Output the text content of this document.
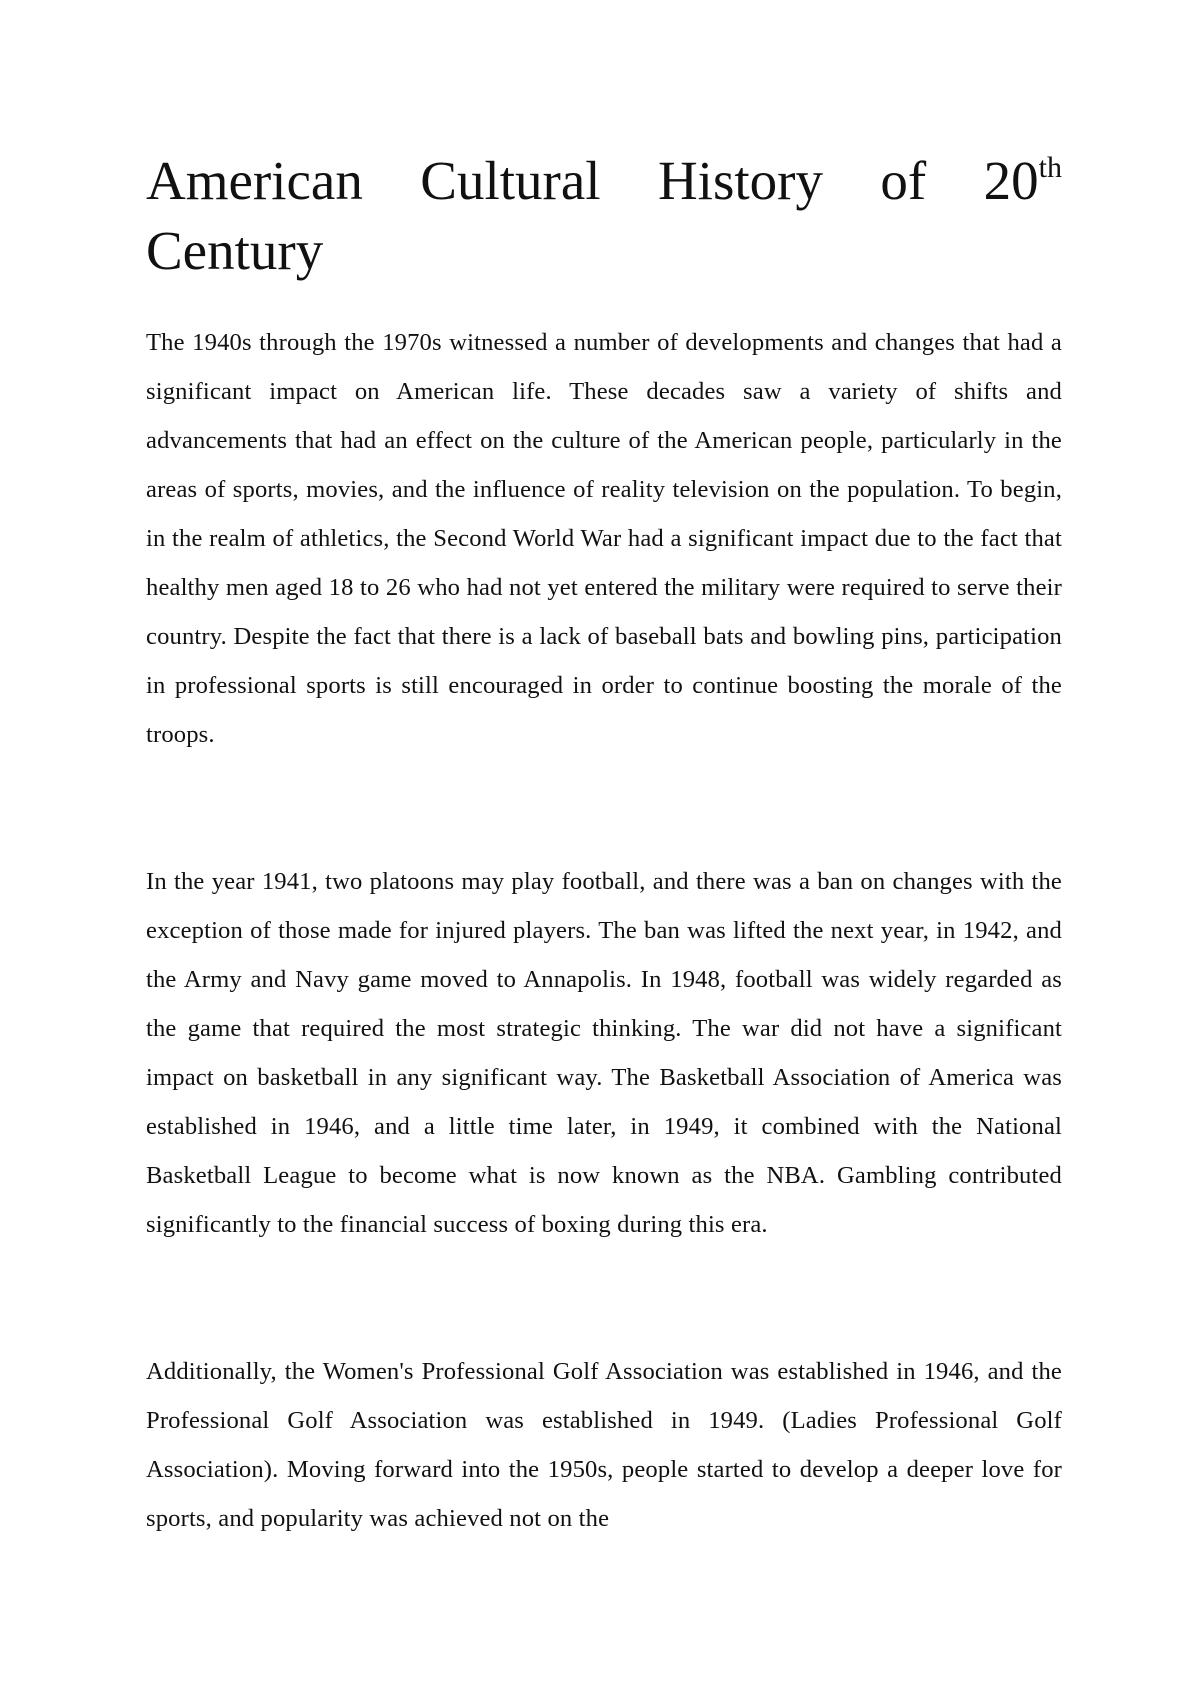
American Cultural History of 20th
Century

The 1940s through the 1970s witnessed a number of developments and changes that had a significant impact on American life. These decades saw a variety of shifts and advancements that had an effect on the culture of the American people, particularly in the areas of sports, movies, and the influence of reality television on the population. To begin, in the realm of athletics, the Second World War had a significant impact due to the fact that healthy men aged 18 to 26 who had not yet entered the military were required to serve their country. Despite the fact that there is a lack of baseball bats and bowling pins, participation in professional sports is still encouraged in order to continue boosting the morale of the troops.

In the year 1941, two platoons may play football, and there was a ban on changes with the exception of those made for injured players. The ban was lifted the next year, in 1942, and the Army and Navy game moved to Annapolis. In 1948, football was widely regarded as the game that required the most strategic thinking. The war did not have a significant impact on basketball in any significant way. The Basketball Association of America was established in 1946, and a little time later, in 1949, it combined with the National Basketball League to become what is now known as the NBA. Gambling contributed significantly to the financial success of boxing during this era.

Additionally, the Women's Professional Golf Association was established in 1946, and the Professional Golf Association was established in 1949. (Ladies Professional Golf Association). Moving forward into the 1950s, people started to develop a deeper love for sports, and popularity was achieved not on the
